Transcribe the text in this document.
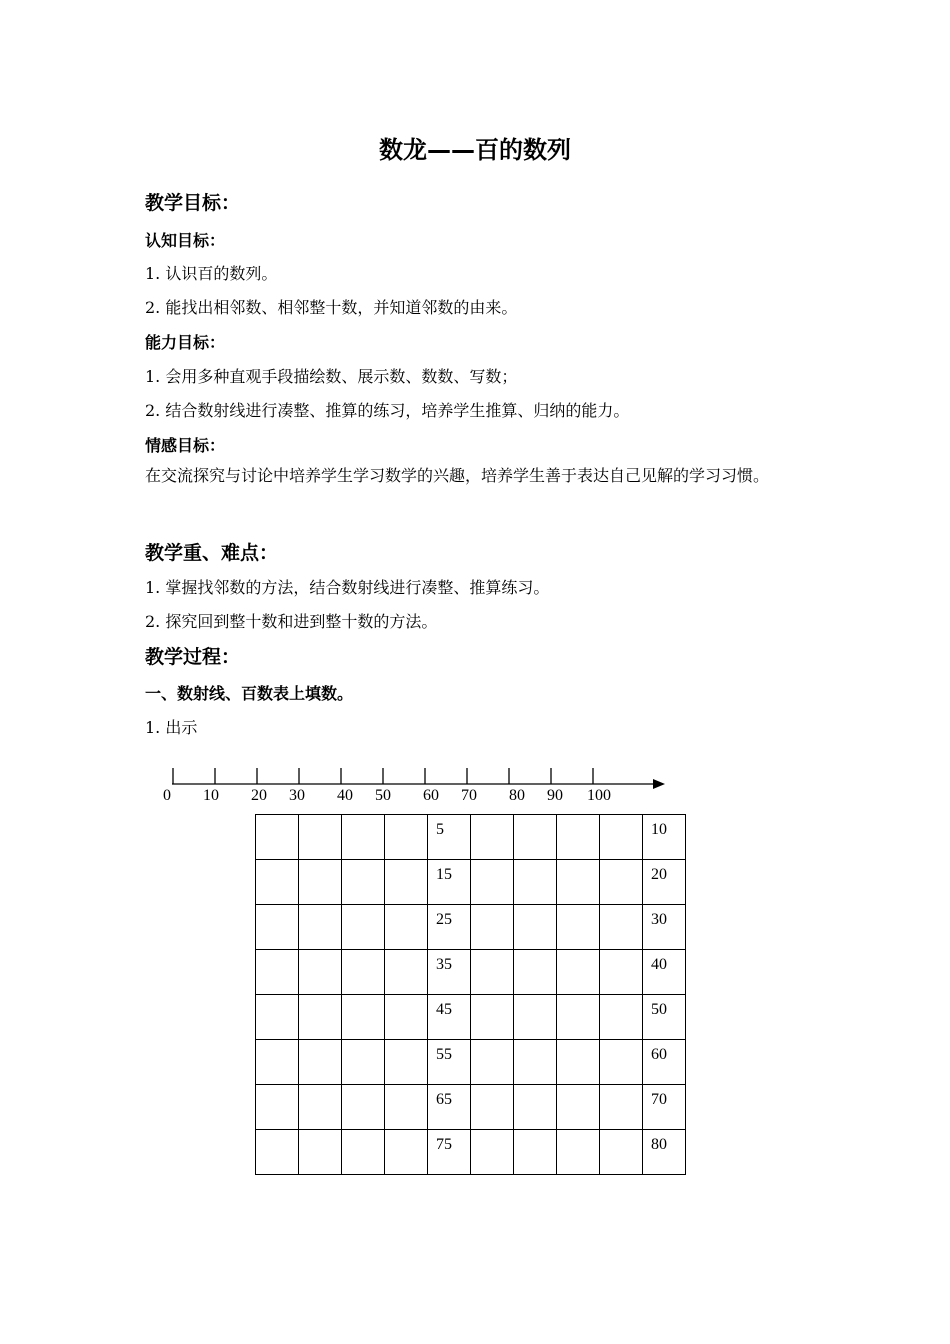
数龙——百的数列
教学目标：
认知目标：
1. 认识百的数列。
2. 能找出相邻数、相邻整十数，并知道邻数的由来。
能力目标：
1. 会用多种直观手段描绘数、展示数、数数、写数；
2. 结合数射线进行凑整、推算的练习，培养学生推算、归纳的能力。
情感目标：
在交流探究与讨论中培养学生学习数学的兴趣，培养学生善于表达自己见解的学习习惯。
教学重、难点：
1. 掌握找邻数的方法，结合数射线进行凑整、推算练习。
2. 探究回到整十数和进到整十数的方法。
教学过程：
一、数射线、百数表上填数。
1. 出示
0 10 20 30 40 50 60 70 80 90 100

				5					10

				15					20

				25					30

				35					40

				45					50

				55					60

				65					70

				75					80
